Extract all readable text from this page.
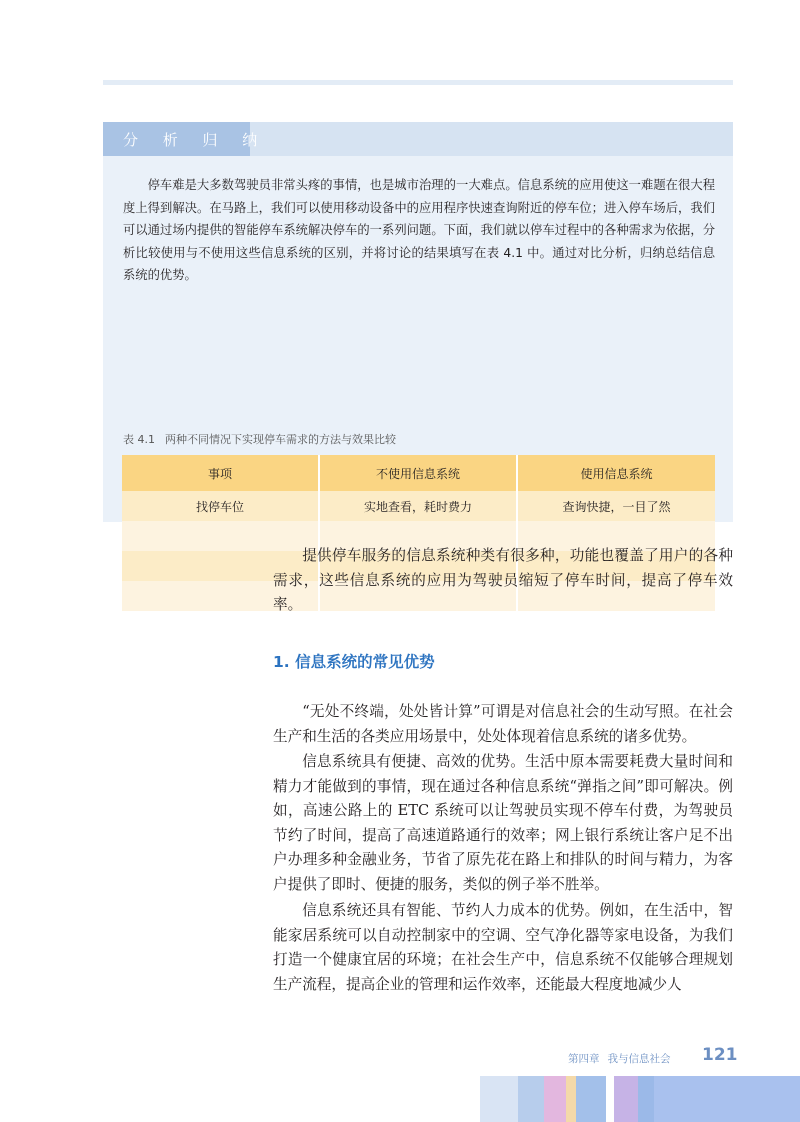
分 析 归 纳

停车难是大多数驾驶员非常头疼的事情，也是城市治理的一大难点。信息系统的应用使这一难题在很大程度上得到解决。在马路上，我们可以使用移动设备中的应用程序快速查询附近的停车位；进入停车场后，我们可以通过场内提供的智能停车系统解决停车的一系列问题。下面，我们就以停车过程中的各种需求为依据，分析比较使用与不使用这些信息系统的区别，并将讨论的结果填写在表 4.1 中。通过对比分析，归纳总结信息系统的优势。

表 4.1 两种不同情况下实现停车需求的方法与效果比较
事项	不使用信息系统	使用信息系统
找停车位	实地查看，耗时费力	查询快捷，一目了然

提供停车服务的信息系统种类有很多种，功能也覆盖了用户的各种需求，这些信息系统的应用为驾驶员缩短了停车时间，提高了停车效率。

1. 信息系统的常见优势

“无处不终端，处处皆计算”可谓是对信息社会的生动写照。在社会生产和生活的各类应用场景中，处处体现着信息系统的诸多优势。

信息系统具有便捷、高效的优势。生活中原本需要耗费大量时间和精力才能做到的事情，现在通过各种信息系统“弹指之间”即可解决。例如，高速公路上的 ETC 系统可以让驾驶员实现不停车付费，为驾驶员节约了时间，提高了高速道路通行的效率；网上银行系统让客户足不出户办理多种金融业务，节省了原先花在路上和排队的时间与精力，为客户提供了即时、便捷的服务，类似的例子举不胜举。

信息系统还具有智能、节约人力成本的优势。例如，在生活中，智能家居系统可以自动控制家中的空调、空气净化器等家电设备，为我们打造一个健康宜居的环境；在社会生产中，信息系统不仅能够合理规划生产流程，提高企业的管理和运作效率，还能最大程度地减少人

第四章 我与信息社会 121
